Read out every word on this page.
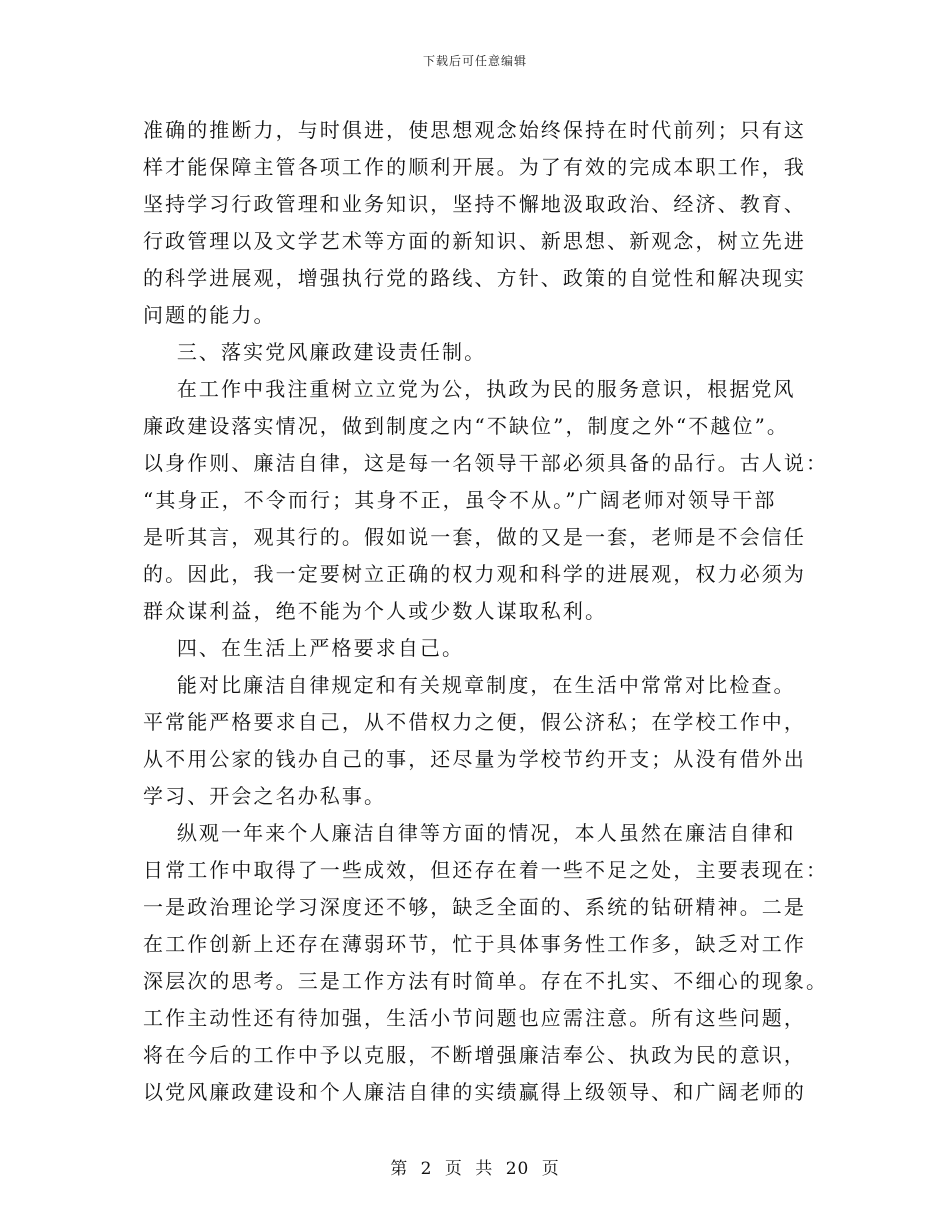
下载后可任意编辑
准确的推断力，与时俱进，使思想观念始终保持在时代前列；只有这
样才能保障主管各项工作的顺利开展。为了有效的完成本职工作，我
坚持学习行政管理和业务知识，坚持不懈地汲取政治、经济、教育、
行政管理以及文学艺术等方面的新知识、新思想、新观念，树立先进
的科学进展观，增强执行党的路线、方针、政策的自觉性和解决现实
问题的能力。
三、落实党风廉政建设责任制。
在工作中我注重树立立党为公，执政为民的服务意识，根据党风
廉政建设落实情况，做到制度之内“不缺位”，制度之外“不越位”。
以身作则、廉洁自律，这是每一名领导干部必须具备的品行。古人说：
“其身正，不令而行；其身不正，虽令不从。”广阔老师对领导干部
是听其言，观其行的。假如说一套，做的又是一套，老师是不会信任
的。因此，我一定要树立正确的权力观和科学的进展观，权力必须为
群众谋利益，绝不能为个人或少数人谋取私利。
四、在生活上严格要求自己。
能对比廉洁自律规定和有关规章制度，在生活中常常对比检查。
平常能严格要求自己，从不借权力之便，假公济私；在学校工作中，
从不用公家的钱办自己的事，还尽量为学校节约开支；从没有借外出
学习、开会之名办私事。
纵观一年来个人廉洁自律等方面的情况，本人虽然在廉洁自律和
日常工作中取得了一些成效，但还存在着一些不足之处，主要表现在：
一是政治理论学习深度还不够，缺乏全面的、系统的钻研精神。二是
在工作创新上还存在薄弱环节，忙于具体事务性工作多，缺乏对工作
深层次的思考。三是工作方法有时简单。存在不扎实、不细心的现象。
工作主动性还有待加强，生活小节问题也应需注意。所有这些问题，
将在今后的工作中予以克服，不断增强廉洁奉公、执政为民的意识，
以党风廉政建设和个人廉洁自律的实绩赢得上级领导、和广阔老师的
第 2 页 共 20 页
